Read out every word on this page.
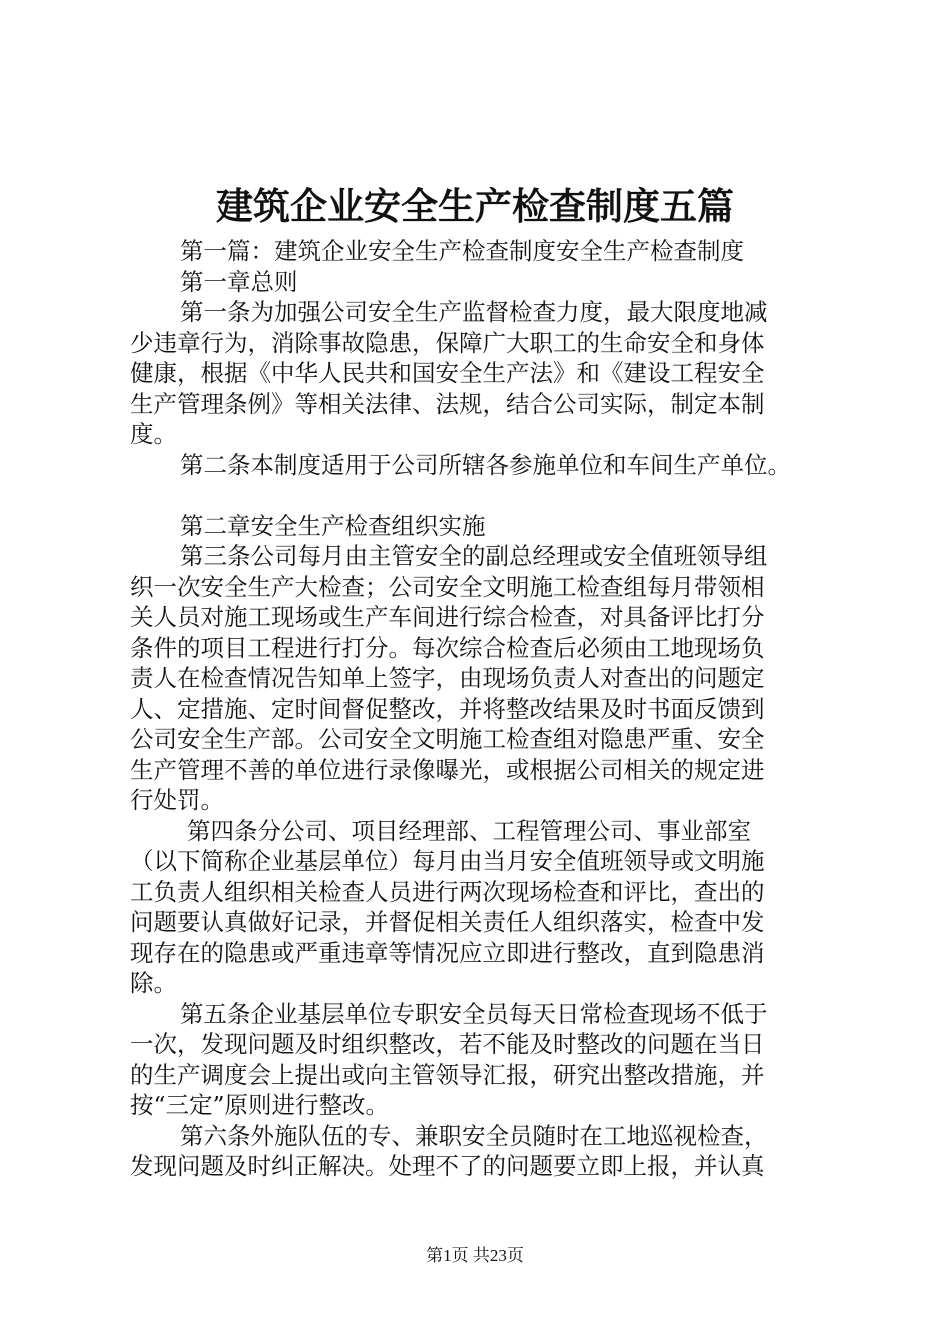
建筑企业安全生产检查制度五篇

第一篇：建筑企业安全生产检查制度安全生产检查制度

第一章总则

第一条为加强公司安全生产监督检查力度，最大限度地减

少违章行为，消除事故隐患，保障广大职工的生命安全和身体

健康，根据《中华人民共和国安全生产法》和《建设工程安全

生产管理条例》等相关法律、法规，结合公司实际，制定本制

度。

第二条本制度适用于公司所辖各参施单位和车间生产单位。

第二章安全生产检查组织实施

第三条公司每月由主管安全的副总经理或安全值班领导组

织一次安全生产大检查；公司安全文明施工检查组每月带领相

关人员对施工现场或生产车间进行综合检查，对具备评比打分

条件的项目工程进行打分。每次综合检查后必须由工地现场负

责人在检查情况告知单上签字，由现场负责人对查出的问题定

人、定措施、定时间督促整改，并将整改结果及时书面反馈到

公司安全生产部。公司安全文明施工检查组对隐患严重、安全

生产管理不善的单位进行录像曝光，或根据公司相关的规定进

行处罚。

第四条分公司、项目经理部、工程管理公司、事业部室

（以下简称企业基层单位）每月由当月安全值班领导或文明施

工负责人组织相关检查人员进行两次现场检查和评比，查出的

问题要认真做好记录，并督促相关责任人组织落实，检查中发

现存在的隐患或严重违章等情况应立即进行整改，直到隐患消

除。

第五条企业基层单位专职安全员每天日常检查现场不低于

一次，发现问题及时组织整改，若不能及时整改的问题在当日

的生产调度会上提出或向主管领导汇报，研究出整改措施，并

按“三定”原则进行整改。

第六条外施队伍的专、兼职安全员随时在工地巡视检查，

发现问题及时纠正解决。处理不了的问题要立即上报，并认真

第1页 共23页
